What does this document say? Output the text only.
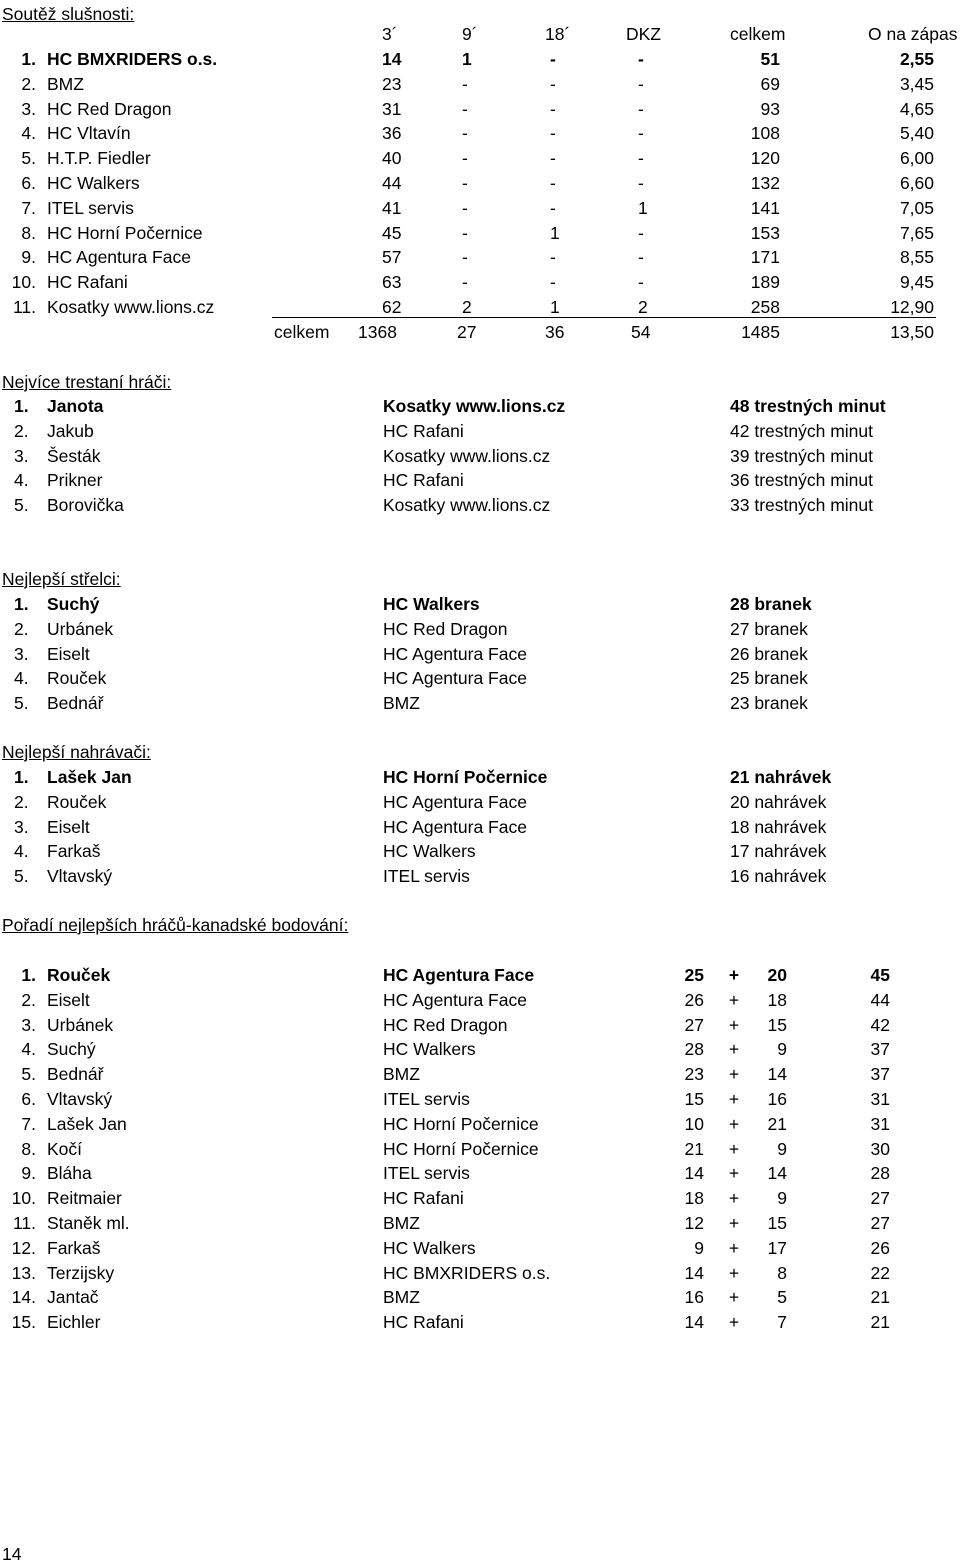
Soutěž slušnosti:
3´	9´	18´	DKZ	celkem	O na zápas
1. HC BMXRIDERS o.s.	14	1	-	-	51	2,55
2. BMZ	23	-	-	-	69	3,45
3. HC Red Dragon	31	-	-	-	93	4,65
4. HC Vltavín	36	-	-	-	108	5,40
5. H.T.P. Fiedler	40	-	-	-	120	6,00
6. HC Walkers	44	-	-	-	132	6,60
7. ITEL servis	41	-	-	1	141	7,05
8. HC Horní Počernice	45	-	1	-	153	7,65
9. HC Agentura Face	57	-	-	-	171	8,55
10. HC Rafani	63	-	-	-	189	9,45
11. Kosatky www.lions.cz	62	2	1	2	258	12,90
celkem 1368	27	36	54	1485	13,50
Nejvíce trestaní hráči:
1. Janota	Kosatky www.lions.cz	48 trestných minut
2. Jakub	HC Rafani	42 trestných minut
3. Šesták	Kosatky www.lions.cz	39 trestných minut
4. Prikner	HC Rafani	36 trestných minut
5. Borovička	Kosatky www.lions.cz	33 trestných minut
Nejlepší střelci:
1. Suchý	HC Walkers	28 branek
2. Urbánek	HC Red Dragon	27 branek
3. Eiselt	HC Agentura Face	26 branek
4. Rouček	HC Agentura Face	25 branek
5. Bednář	BMZ	23 branek
Nejlepší nahrávači:
1. Lašek Jan	HC Horní Počernice	21 nahrávek
2. Rouček	HC Agentura Face	20 nahrávek
3. Eiselt	HC Agentura Face	18 nahrávek
4. Farkaš	HC Walkers	17 nahrávek
5. Vltavský	ITEL servis	16 nahrávek
Pořadí nejlepších hráčů-kanadské bodování:
1. Rouček	HC Agentura Face	25	+	20	45
2. Eiselt	HC Agentura Face	26	+	18	44
3. Urbánek	HC Red Dragon	27	+	15	42
4. Suchý	HC Walkers	28	+	9	37
5. Bednář	BMZ	23	+	14	37
6. Vltavský	ITEL servis	15	+	16	31
7. Lašek Jan	HC Horní Počernice	10	+	21	31
8. Kočí	HC Horní Počernice	21	+	9	30
9. Bláha	ITEL servis	14	+	14	28
10. Reitmaier	HC Rafani	18	+	9	27
11. Staněk ml.	BMZ	12	+	15	27
12. Farkaš	HC Walkers	9	+	17	26
13. Terzijsky	HC BMXRIDERS o.s.	14	+	8	22
14. Jantač	BMZ	16	+	5	21
15. Eichler	HC Rafani	14	+	7	21
14
